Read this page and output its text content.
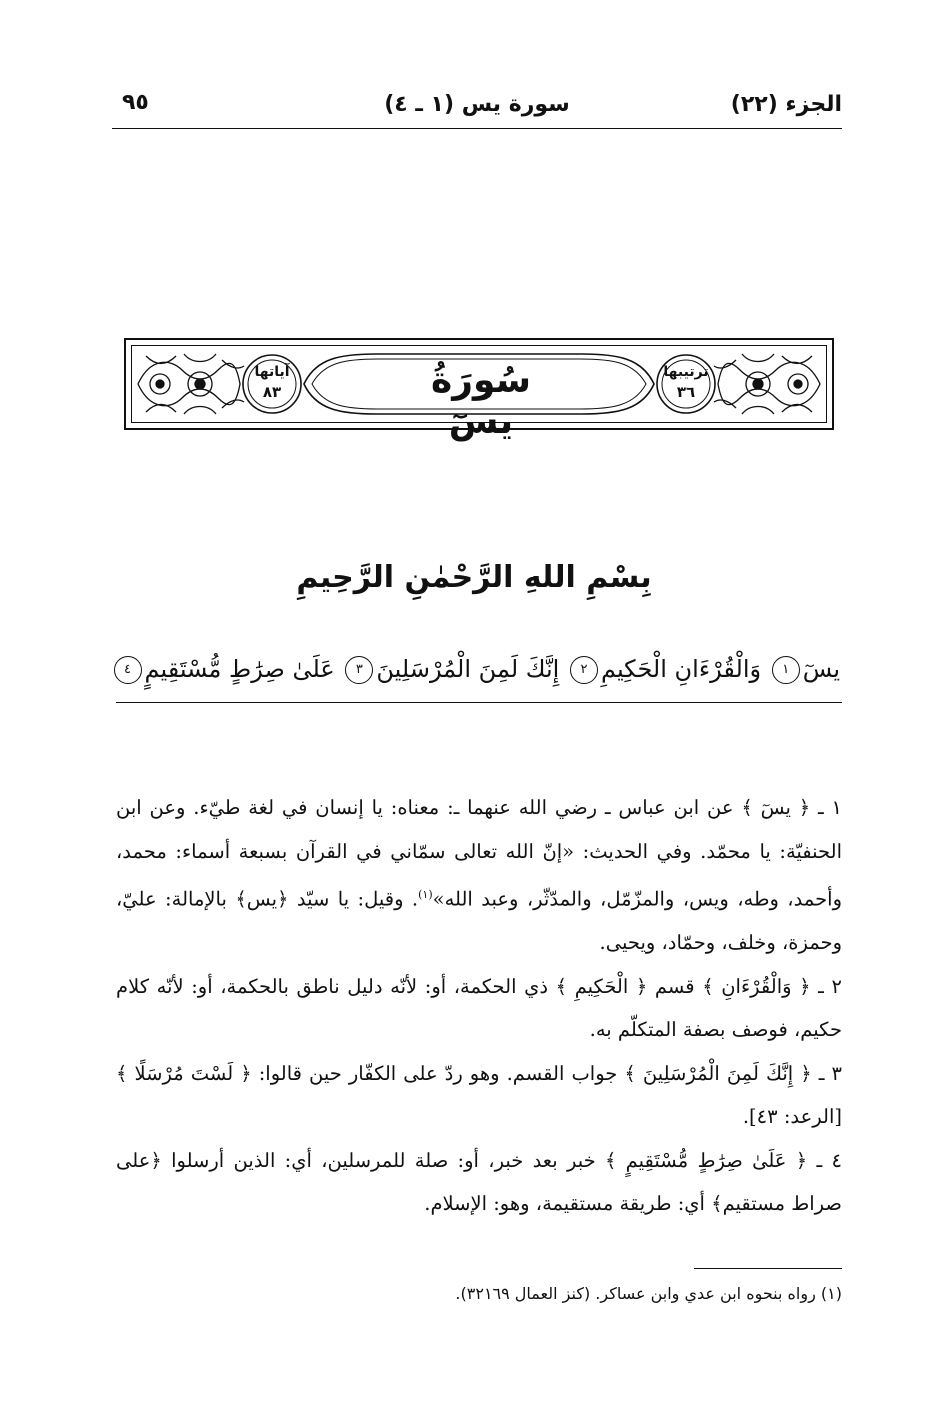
الجزء (٢٢)
سورة يس (١ ـ ٤)
٩٥
سُورَةُ يسٓ
ترتيبها
٣٦
آياتها
٨٣
بِسْمِ اللهِ الرَّحْمٰنِ الرَّحِيمِ
يسٓ١ وَالْقُرْءَانِ الْحَكِيمِ٢ إِنَّكَ لَمِنَ الْمُرْسَلِينَ٣ عَلَىٰ صِرَٰطٍ مُّسْتَقِيمٍ٤

١ ـ ﴿ يسٓ ﴾ عن ابن عباس ـ رضي الله عنهما ـ: معناه: يا إنسان في لغة طيّء. وعن ابن الحنفيّة: يا محمّد. وفي الحديث: «إنّ الله تعالى سمّاني في القرآن بسبعة أسماء: محمد، وأحمد، وطه، ويس، والمزّمّل، والمدّثّر، وعبد الله»$^{(١)}$. وقيل: يا سيّد ﴿يس﴾ بالإمالة: عليّ، وحمزة، وخلف، وحمّاد، ويحيى.

٢ ـ ﴿ وَالْقُرْءَانِ ﴾ قسم ﴿ الْحَكِيمِ ﴾ ذي الحكمة، أو: لأنّه دليل ناطق بالحكمة، أو: لأنّه كلام حكيم، فوصف بصفة المتكلّم به.

٣ ـ ﴿ إِنَّكَ لَمِنَ الْمُرْسَلِينَ ﴾ جواب القسم. وهو ردّ على الكفّار حين قالوا: ﴿ لَسْتَ مُرْسَلًا ﴾ [الرعد: ٤٣].

٤ ـ ﴿ عَلَىٰ صِرَٰطٍ مُّسْتَقِيمٍ ﴾ خبر بعد خبر، أو: صلة للمرسلين، أي: الذين أرسلوا ﴿على صراط مستقيم﴾ أي: طريقة مستقيمة، وهو: الإسلام.

(١) رواه بنحوه ابن عدي وابن عساكر. (كنز العمال ٣٢١٦٩).
